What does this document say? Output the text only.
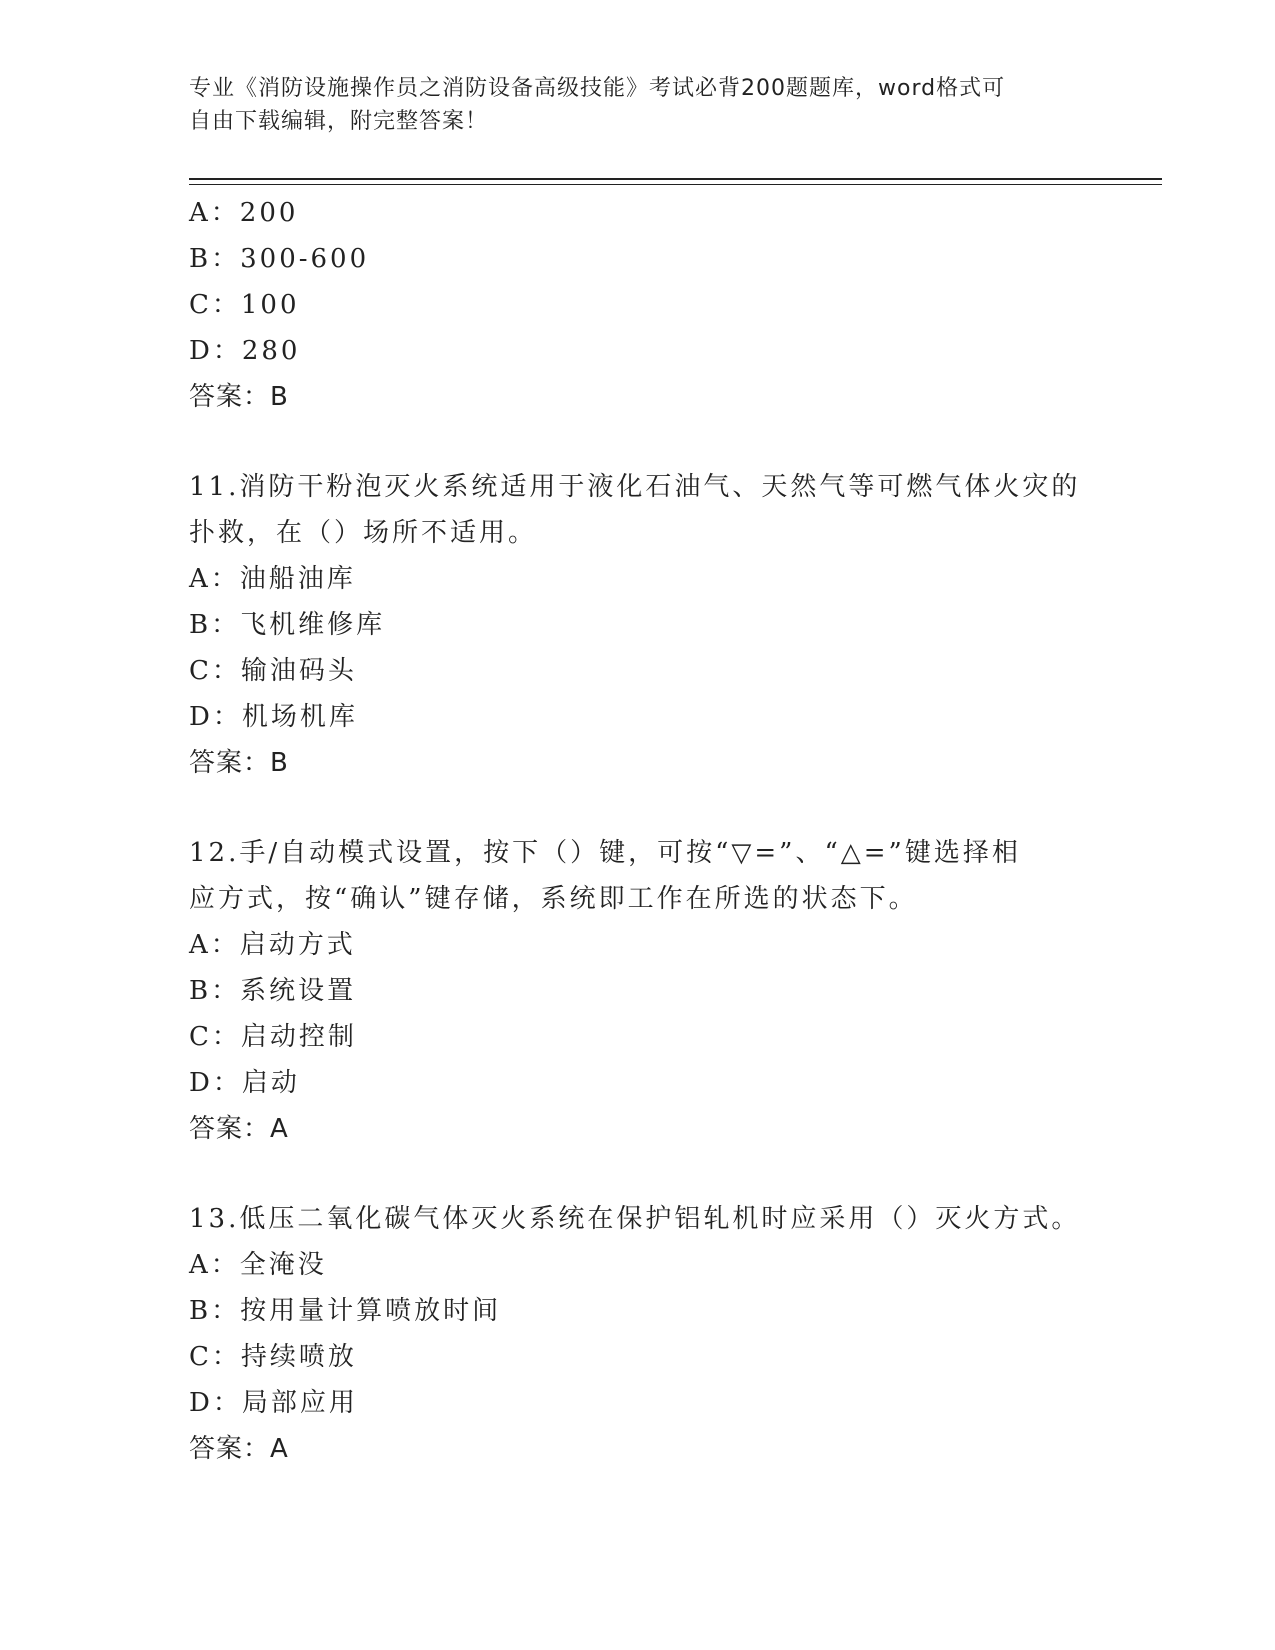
专业《消防设施操作员之消防设备高级技能》考试必背200题题库，word格式可
自由下载编辑，附完整答案！
A：200
B：300-600
C：100
D：280
答案：B
11.消防干粉泡灭火系统适用于液化石油气、天然气等可燃气体火灾的
扑救，在（）场所不适用。
A：油船油库
B：飞机维修库
C：输油码头
D：机场机库
答案：B
12.手/自动模式设置，按下（）键，可按“▽=”、“△=”键选择相
应方式，按“确认”键存储，系统即工作在所选的状态下。
A：启动方式
B：系统设置
C：启动控制
D：启动
答案：A
13.低压二氧化碳气体灭火系统在保护铝轧机时应采用（）灭火方式。
A：全淹没
B：按用量计算喷放时间
C：持续喷放
D：局部应用
答案：A
